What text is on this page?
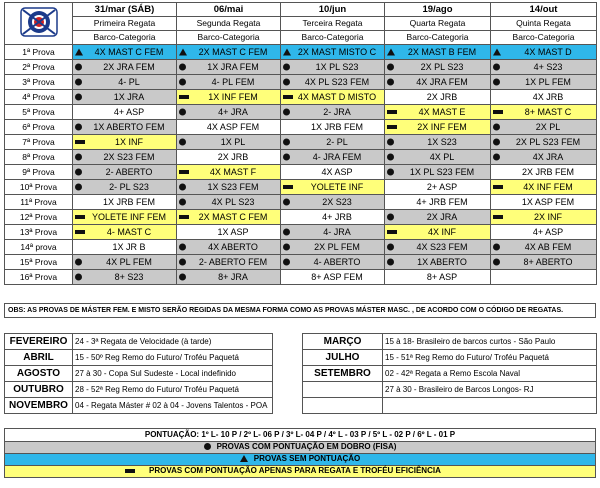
	31/mar (SÁB)	06/mai	10/jun	19/ago	14/out
	Primeira Regata	Segunda Regata	Terceira Regata	Quarta Regata	Quinta Regata
	Barco-Categoria	Barco-Categoria	Barco-Categoria	Barco-Categoria	Barco-Categoria
1ª Prova	4X MAST C FEM	2X MAST C FEM	2X MAST MISTO C	2X MAST B FEM	4X MAST D

2ª Prova	2X JRA FEM	1X JRA FEM	1X PL S23	2X PL S23	4+ S23

3ª Prova	4- PL	4- PL FEM	4X PL S23 FEM	4X JRA FEM	1X PL FEM

4ª Prova	1X JRA	1X INF FEM	4X MAST D MISTO	2X JRB	4X JRB

5ª Prova	4+ ASP	4+ JRA	2- JRA	4X MAST E	8+ MAST C

6ª Prova	1X ABERTO FEM	4X ASP FEM	1X JRB FEM	2X INF FEM	2X PL

7ª Prova	1X INF	1X PL	2- PL	1X S23	2X PL S23 FEM

8ª Prova	2X S23 FEM	2X JRB	4- JRA FEM	4X PL	4X JRA

9ª Prova	2- ABERTO	4X MAST F	4X ASP	1X PL S23 FEM	2X JRB FEM

10ª Prova	2- PL S23	1X S23 FEM	YOLETE INF	2+ ASP	4X INF FEM

11ª Prova	1X JRB FEM	4X PL S23	2X S23	4+ JRB FEM	1X ASP FEM

12ª Prova	YOLETE INF FEM	2X MAST C FEM	4+ JRB	2X JRA	2X INF

13ª Prova	4- MAST C	1X ASP	4- JRA	4X INF	4+ ASP

14ª prova	1X JR B	4X ABERTO	2X PL FEM	4X S23 FEM	4X AB FEM

15ª Prova	4X PL FEM	2- ABERTO FEM	4- ABERTO	1X ABERTO	8+ ABERTO

16ª Prova	8+ S23	8+ JRA	8+ ASP FEM	8+ ASP	

OBS: AS PROVAS DE MÁSTER FEM. E MISTO SERÃO REGIDAS DA MESMA FORMA COMO AS PROVAS MÁSTER MASC. , DE ACORDO COM O CÓDIGO DE REGATAS.
FEVEREIRO	24 - 3ª Regata de Velocidade (à tarde)		MARÇO	15 à 18- Brasileiro de barcos curtos - São Paulo
ABRIL	15 - 50º Reg Remo do Futuro/ Troféu Paquetá		JULHO	15 - 51ª Reg Remo do Futuro/ Troféu Paquetá
AGOSTO	27 à 30 - Copa Sul Sudeste - Local indefinido		SETEMBRO	02 - 42ª Regata a Remo Escola Naval
OUTUBRO	28 - 52ª Reg Remo do Futuro/ Troféu Paquetá			27 à 30 - Brasileiro de Barcos Longos- RJ
NOVEMBRO	04 - Regata Máster # 02 à 04 - Jovens Talentos - POA			
PONTUAÇÃO: 1º L- 10 P / 2º L- 06 P / 3º L- 04 P / 4º L - 03 P / 5º L - 02 P / 6º L - 01 P
PROVAS COM PONTUAÇÃO EM DOBRO (FISA)
PROVAS SEM PONTUAÇÃO
PROVAS COM PONTUAÇÃO APENAS PARA REGATA E TROFÉU EFICIÊNCIA
